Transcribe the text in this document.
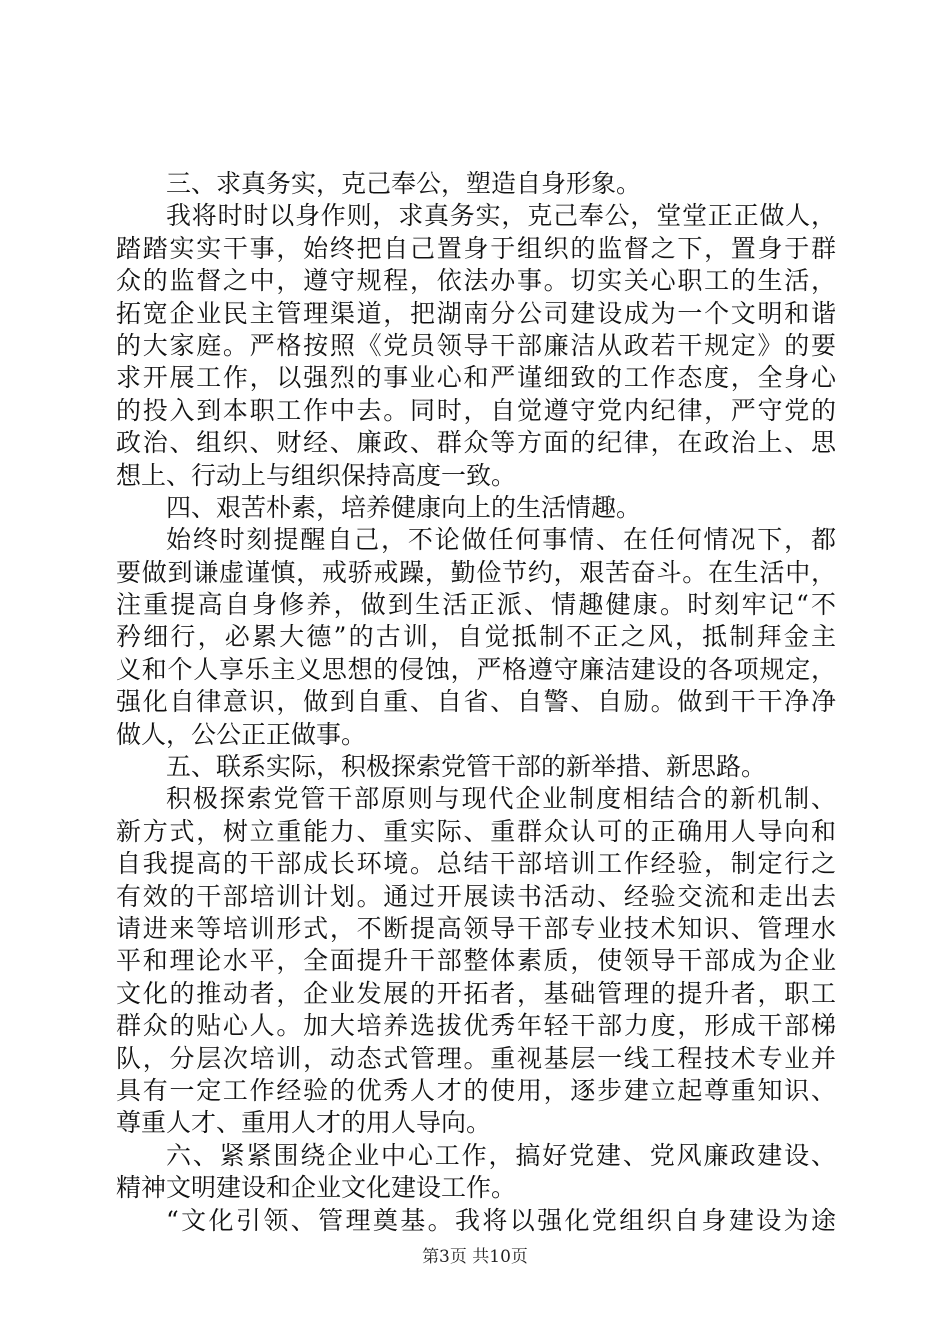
三、求真务实，克己奉公，塑造自身形象。
我将时时以身作则，求真务实，克己奉公，堂堂正正做人，
踏踏实实干事，始终把自己置身于组织的监督之下，置身于群
众的监督之中，遵守规程，依法办事。切实关心职工的生活，
拓宽企业民主管理渠道，把湖南分公司建设成为一个文明和谐
的大家庭。严格按照《党员领导干部廉洁从政若干规定》的要
求开展工作，以强烈的事业心和严谨细致的工作态度，全身心
的投入到本职工作中去。同时，自觉遵守党内纪律，严守党的
政治、组织、财经、廉政、群众等方面的纪律，在政治上、思
想上、行动上与组织保持高度一致。
四、艰苦朴素，培养健康向上的生活情趣。
始终时刻提醒自己，不论做任何事情、在任何情况下，都
要做到谦虚谨慎，戒骄戒躁，勤俭节约，艰苦奋斗。在生活中，
注重提高自身修养，做到生活正派、情趣健康。时刻牢记“不
矜细行，必累大德”的古训，自觉抵制不正之风，抵制拜金主
义和个人享乐主义思想的侵蚀，严格遵守廉洁建设的各项规定，
强化自律意识，做到自重、自省、自警、自励。做到干干净净
做人，公公正正做事。
五、联系实际，积极探索党管干部的新举措、新思路。
积极探索党管干部原则与现代企业制度相结合的新机制、
新方式，树立重能力、重实际、重群众认可的正确用人导向和
自我提高的干部成长环境。总结干部培训工作经验，制定行之
有效的干部培训计划。通过开展读书活动、经验交流和走出去
请进来等培训形式，不断提高领导干部专业技术知识、管理水
平和理论水平，全面提升干部整体素质，使领导干部成为企业
文化的推动者，企业发展的开拓者，基础管理的提升者，职工
群众的贴心人。加大培养选拔优秀年轻干部力度，形成干部梯
队，分层次培训，动态式管理。重视基层一线工程技术专业并
具有一定工作经验的优秀人才的使用，逐步建立起尊重知识、
尊重人才、重用人才的用人导向。
六、紧紧围绕企业中心工作，搞好党建、党风廉政建设、
精神文明建设和企业文化建设工作。
“文化引领、管理奠基。我将以强化党组织自身建设为途
第3页 共10页
